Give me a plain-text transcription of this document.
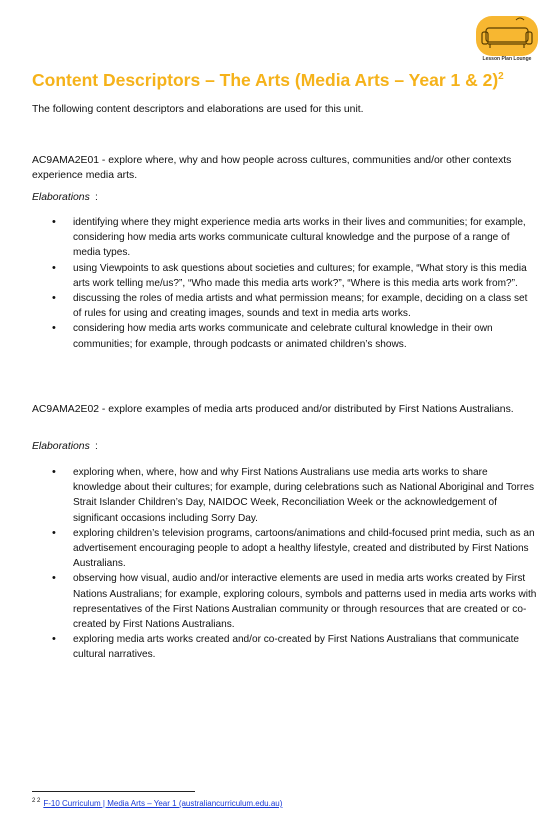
Lesson Plan Lounge
Content Descriptors – The Arts (Media Arts – Year 1 & 2)$^2$
The following content descriptors and elaborations are used for this unit.
AC9AMA2E01 - explore where, why and how people across cultures, communities and/or other contexts experience media arts.
Elaborations :
• identifying where they might experience media arts works in their lives and communities; for example, considering how media arts works communicate cultural knowledge and the purpose of a range of media types.
• using Viewpoints to ask questions about societies and cultures; for example, “What story is this media arts work telling me/us?”, “Who made this media arts work?”, “Where is this media arts work from?”.
• discussing the roles of media artists and what permission means; for example, deciding on a class set of rules for using and creating images, sounds and text in media arts works.
• considering how media arts works communicate and celebrate cultural knowledge in their own communities; for example, through podcasts or animated children’s shows.
AC9AMA2E02 - explore examples of media arts produced and/or distributed by First Nations Australians.
Elaborations :
• exploring when, where, how and why First Nations Australians use media arts works to share knowledge about their cultures; for example, during celebrations such as National Aboriginal and Torres Strait Islander Children’s Day, NAIDOC Week, Reconciliation Week or the acknowledgement of significant occasions including Sorry Day.
• exploring children’s television programs, cartoons/animations and child-focused print media, such as an advertisement encouraging people to adopt a healthy lifestyle, created and distributed by First Nations Australians.
• observing how visual, audio and/or interactive elements are used in media arts works created by First Nations Australians; for example, exploring colours, symbols and patterns used in media arts works with representatives of the First Nations Australian community or through resources that are created or co-created by First Nations Australians.
• exploring media arts works created and/or co-created by First Nations Australians that communicate cultural narratives.
$^{2 2}$ F-10 Curriculum | Media Arts – Year 1 (australiancurriculum.edu.au)
